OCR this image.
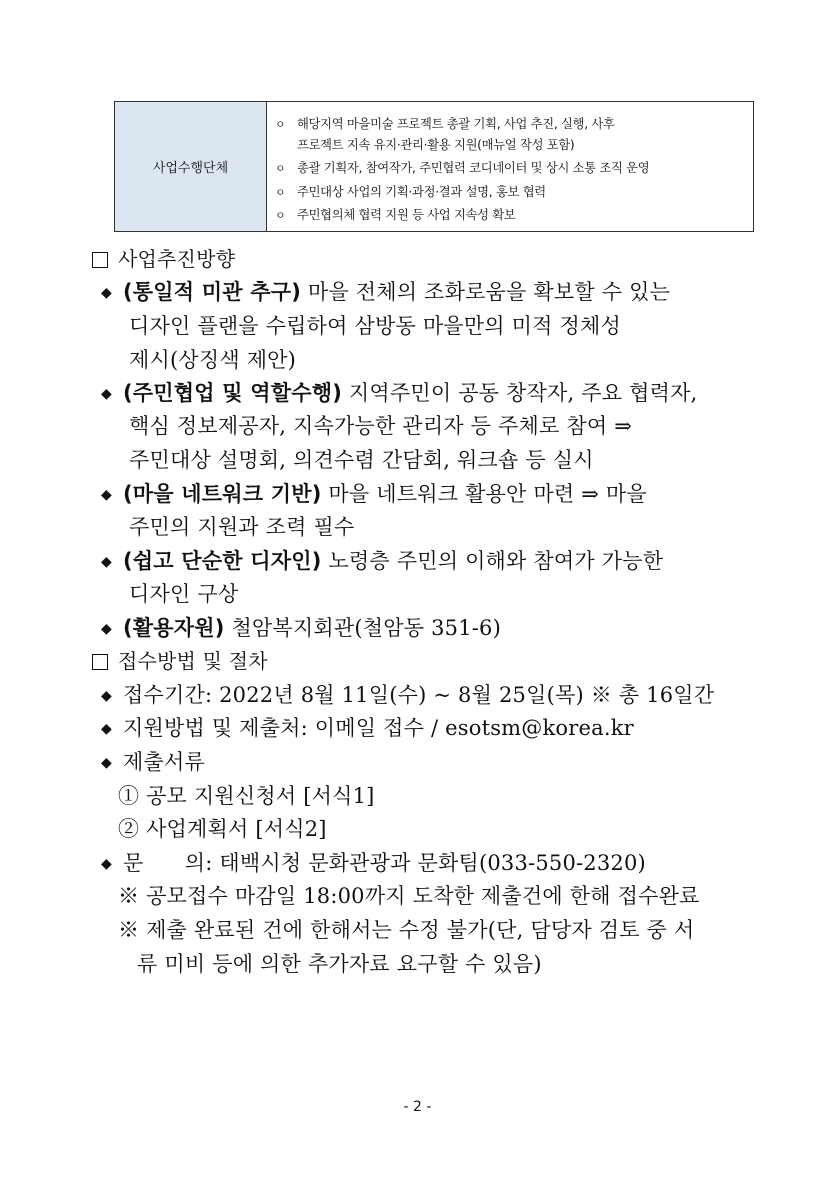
사업수행단체
ㅇ 해당지역 마을미술 프로젝트 총괄 기획, 사업 추진, 실행, 사후
프로젝트 지속 유지·관리·활용 지원(매뉴얼 작성 포함)
ㅇ 총괄 기획자, 참여작가, 주민협력 코디네이터 및 상시 소통 조직 운영
ㅇ 주민대상 사업의 기획·과정·결과 설명, 홍보 협력
ㅇ 주민협의체 협력 지원 등 사업 지속성 확보
사업추진방향
◆ (통일적 미관 추구) 마을 전체의 조화로움을 확보할 수 있는
디자인 플랜을 수립하여 삼방동 마을만의 미적 정체성
제시(상징색 제안)
◆ (주민협업 및 역할수행) 지역주민이 공동 창작자, 주요 협력자,
핵심 정보제공자, 지속가능한 관리자 등 주체로 참여 ⇒
주민대상 설명회, 의견수렴 간담회, 워크숍 등 실시
◆ (마을 네트워크 기반) 마을 네트워크 활용안 마련 ⇒ 마을
주민의 지원과 조력 필수
◆ (쉽고 단순한 디자인) 노령층 주민의 이해와 참여가 가능한
디자인 구상
◆ (활용자원) 철암복지회관(철암동 351-6)
접수방법 및 절차
◆ 접수기간: 2022년 8월 11일(수) ~ 8월 25일(목) ※ 총 16일간
◆ 지원방법 및 제출처: 이메일 접수 / esotsm@korea.kr
◆ 제출서류
① 공모 지원신청서 [서식1]
② 사업계획서 [서식2]
◆ 문      의: 태백시청 문화관광과 문화팀(033-550-2320)
※ 공모접수 마감일 18:00까지 도착한 제출건에 한해 접수완료
※ 제출 완료된 건에 한해서는 수정 불가(단, 담당자 검토 중 서
류 미비 등에 의한 추가자료 요구할 수 있음)
- 2 -
